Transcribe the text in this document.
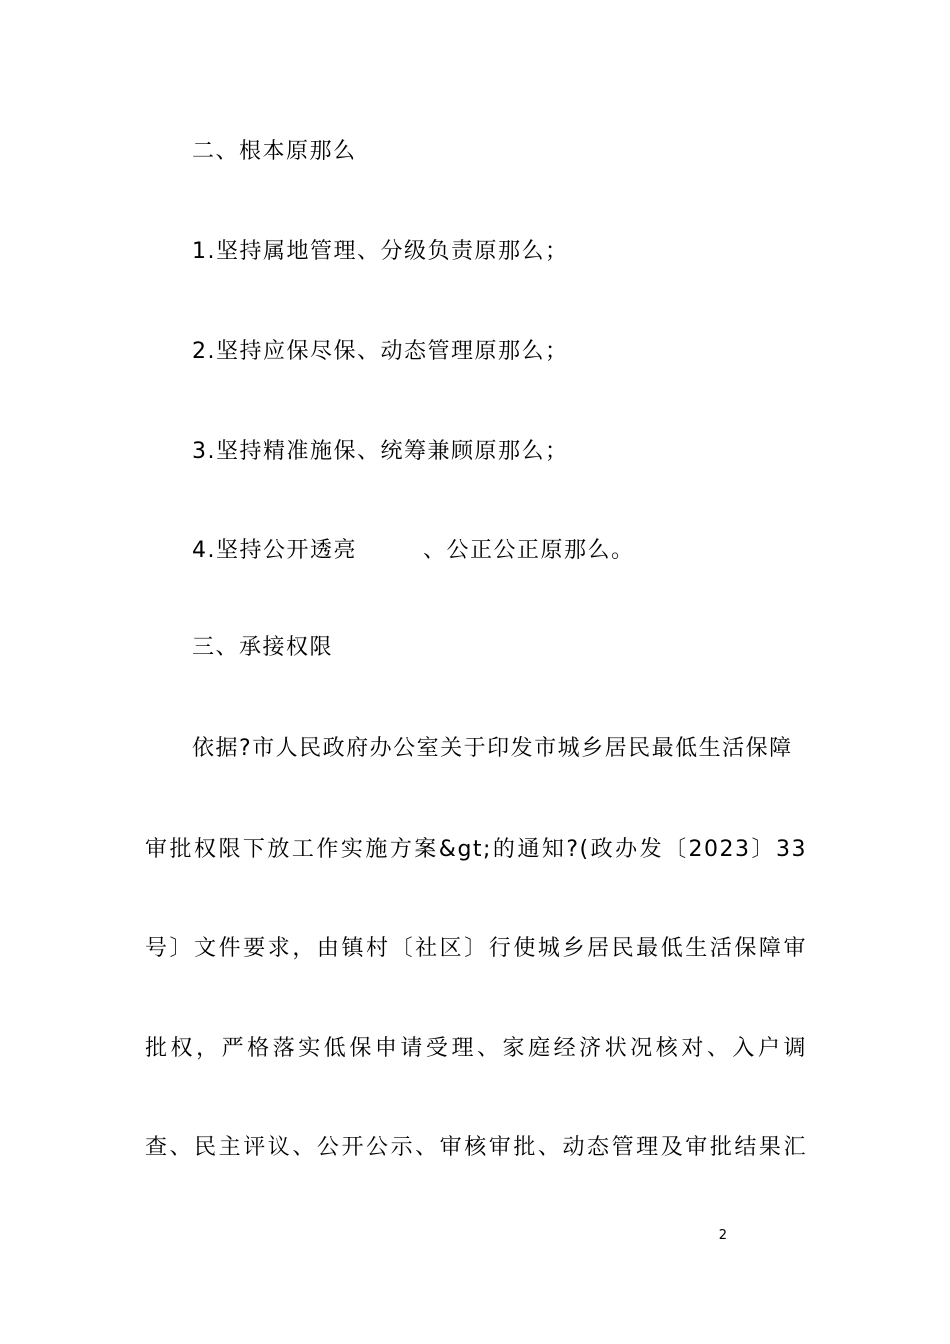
二、根本原那么
1.坚持属地管理、分级负责原那么；
2.坚持应保尽保、动态管理原那么；
3.坚持精准施保、统筹兼顾原那么；
4.坚持公开透亮	、公正公正原那么。
三、承接权限
依据?市人民政府办公室关于印发市城乡居民最低生活保障
审批权限下放工作实施方案&gt;的通知?(政办发〔2023〕33
号〕文件要求，由镇村〔社区〕行使城乡居民最低生活保障审
批权，严格落实低保申请受理、家庭经济状况核对、入户调
查、民主评议、公开公示、审核审批、动态管理及审批结果汇
2
